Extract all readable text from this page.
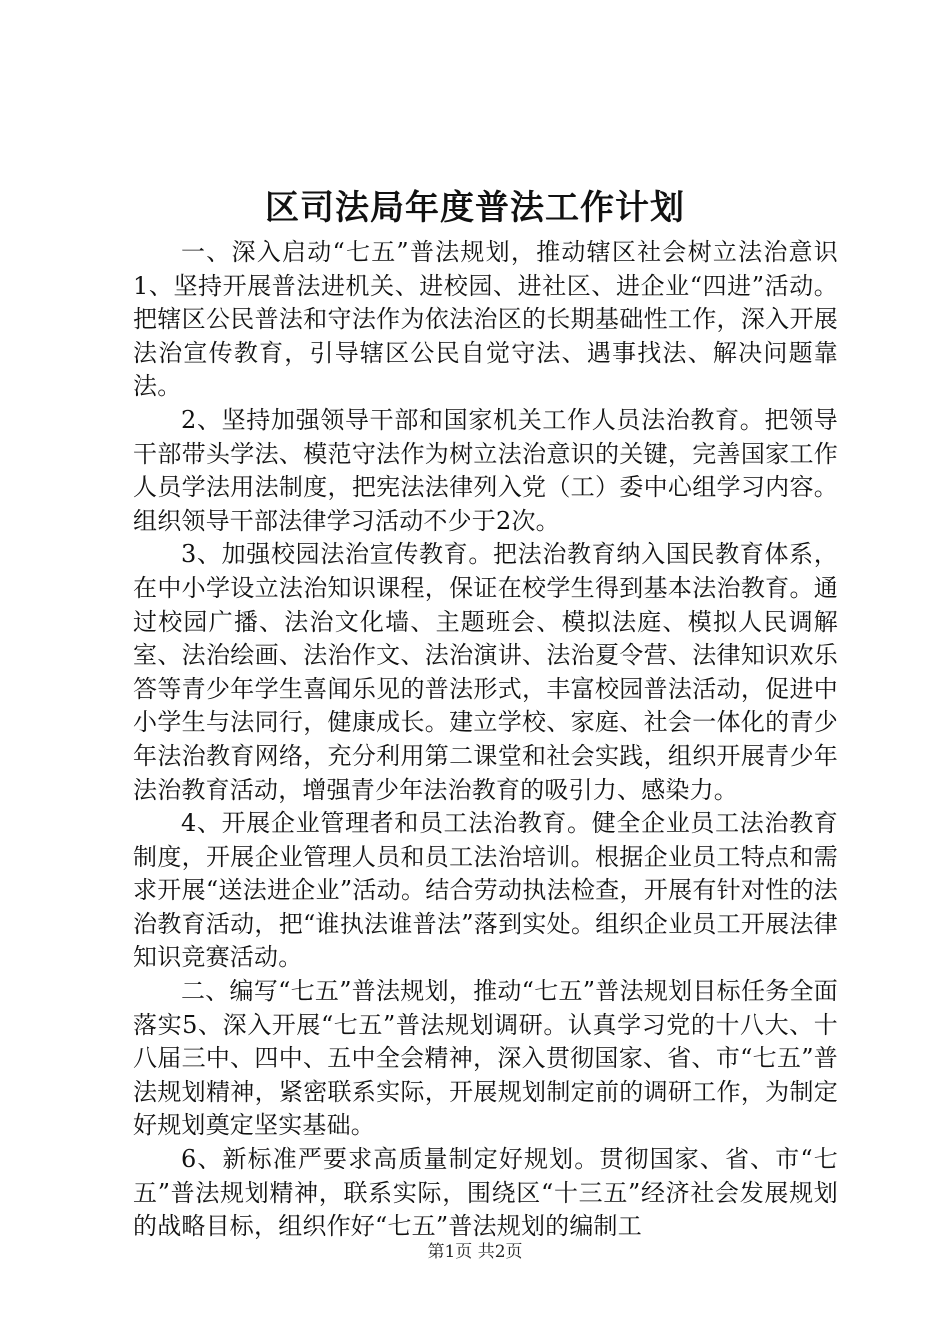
区司法局年度普法工作计划

一、深入启动“七五”普法规划，推动辖区社会树立法治意识1、坚持开展普法进机关、进校园、进社区、进企业“四进”活动。把辖区公民普法和守法作为依法治区的长期基础性工作，深入开展法治宣传教育，引导辖区公民自觉守法、遇事找法、解决问题靠法。

2、坚持加强领导干部和国家机关工作人员法治教育。把领导干部带头学法、模范守法作为树立法治意识的关键，完善国家工作人员学法用法制度，把宪法法律列入党（工）委中心组学习内容。组织领导干部法律学习活动不少于2次。

3、加强校园法治宣传教育。把法治教育纳入国民教育体系，在中小学设立法治知识课程，保证在校学生得到基本法治教育。通过校园广播、法治文化墙、主题班会、模拟法庭、模拟人民调解室、法治绘画、法治作文、法治演讲、法治夏令营、法律知识欢乐答等青少年学生喜闻乐见的普法形式，丰富校园普法活动，促进中小学生与法同行，健康成长。建立学校、家庭、社会一体化的青少年法治教育网络，充分利用第二课堂和社会实践，组织开展青少年法治教育活动，增强青少年法治教育的吸引力、感染力。

4、开展企业管理者和员工法治教育。健全企业员工法治教育制度，开展企业管理人员和员工法治培训。根据企业员工特点和需求开展“送法进企业”活动。结合劳动执法检查，开展有针对性的法治教育活动，把“谁执法谁普法”落到实处。组织企业员工开展法律知识竞赛活动。

二、编写“七五”普法规划，推动“七五”普法规划目标任务全面落实5、深入开展“七五”普法规划调研。认真学习党的十八大、十八届三中、四中、五中全会精神，深入贯彻国家、省、市“七五”普法规划精神，紧密联系实际，开展规划制定前的调研工作，为制定好规划奠定坚实基础。

6、新标准严要求高质量制定好规划。贯彻国家、省、市“七五”普法规划精神，联系实际，围绕区“十三五”经济社会发展规划的战略目标，组织作好“七五”普法规划的编制工

第1页 共2页
